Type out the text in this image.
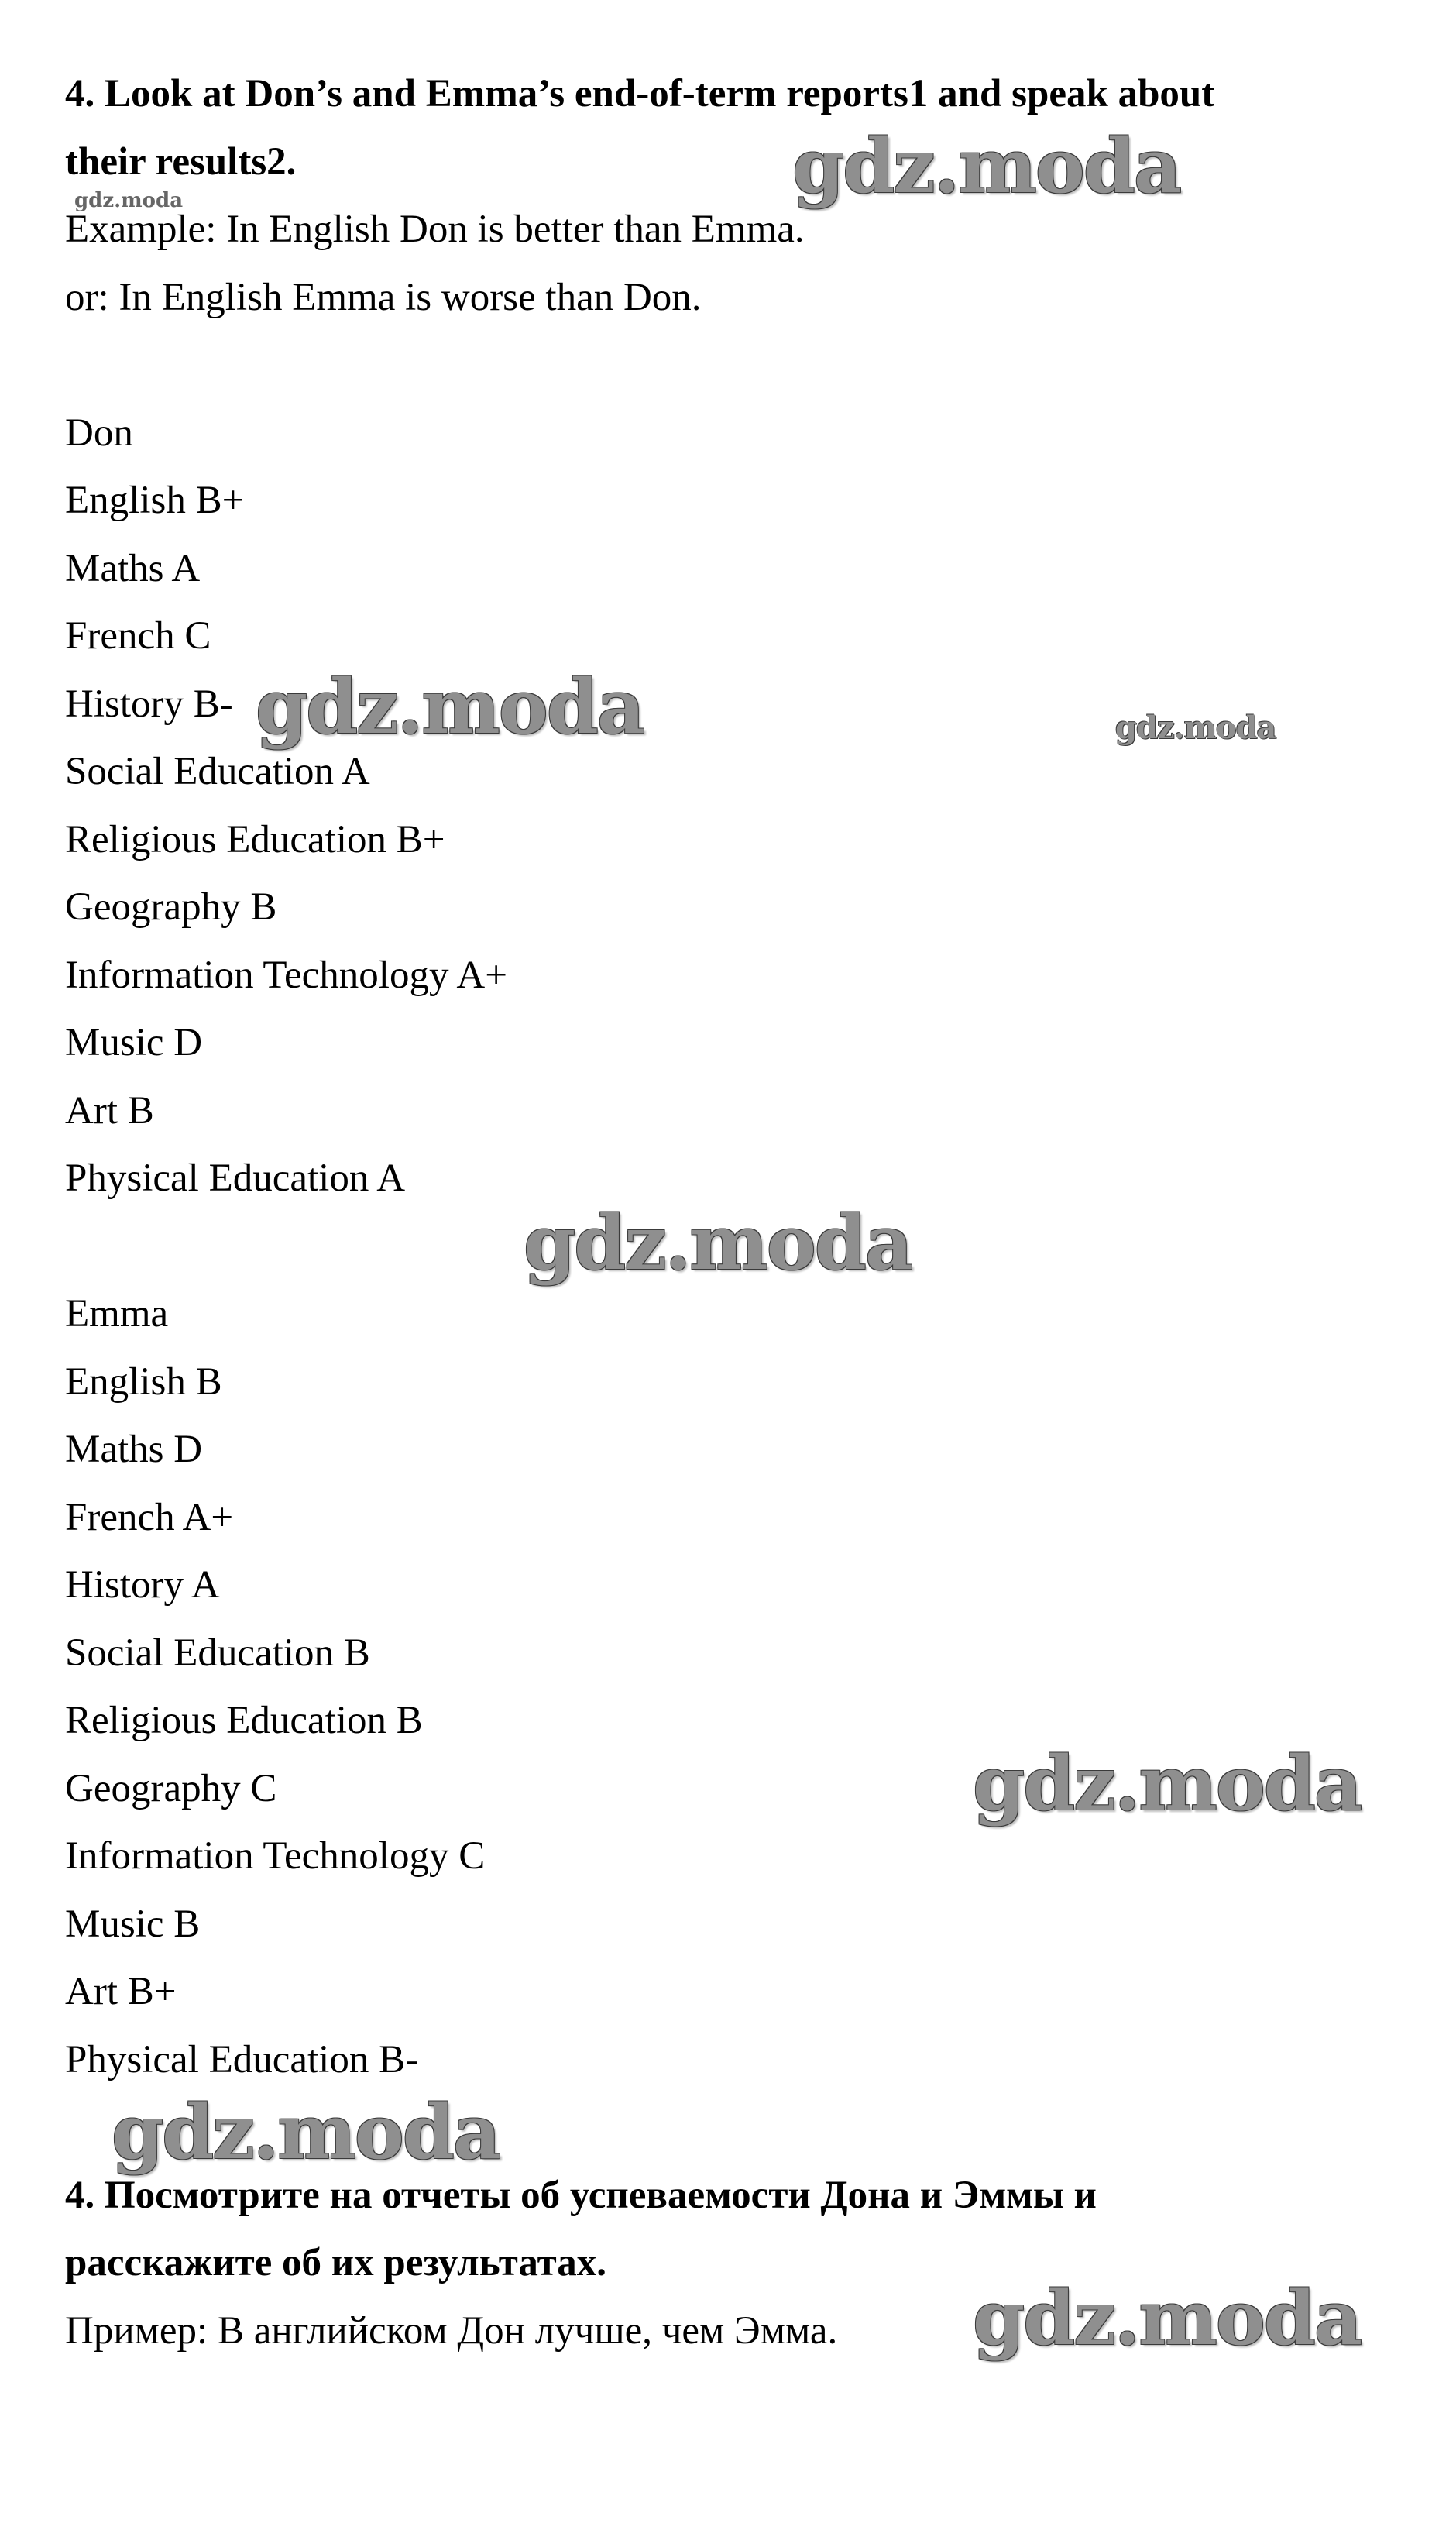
4. Look at Don’s and Emma’s end-of-term reports1 and speak about
their results2.
Example: In English Don is better than Emma.
or: In English Emma is worse than Don.
Don
English B+
Maths A
French C
History B-
Social Education A
Religious Education B+
Geography B
Information Technology A+
Music D
Art B
Physical Education A
Emma
English B
Maths D
French A+
History A
Social Education B
Religious Education B
Geography C
Information Technology C
Music B
Art B+
Physical Education B-
4. Посмотрите на отчеты об успеваемости Дона и Эммы и
расскажите об их результатах.
Пример: В английском Дон лучше, чем Эмма.
gdz.moda
gdz.moda
gdz.moda	gdz.moda
gdz.moda
gdz.moda
gdz.moda
gdz.moda
